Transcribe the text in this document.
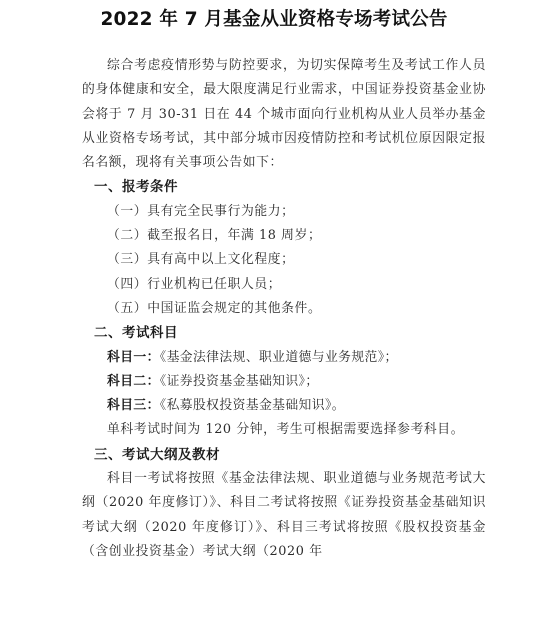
2022 年 7 月基金从业资格专场考试公告

综合考虑疫情形势与防控要求，为切实保障考生及考试工作人员的身体健康和安全，最大限度满足行业需求，中国证券投资基金业协会将于 7 月 30-31 日在 44 个城市面向行业机构从业人员举办基金从业资格专场考试，其中部分城市因疫情防控和考试机位原因限定报名名额，现将有关事项公告如下：

一、报考条件
（一）具有完全民事行为能力；
（二）截至报名日，年满 18 周岁；
（三）具有高中以上文化程度；
（四）行业机构已任职人员；
（五）中国证监会规定的其他条件。
二、考试科目
科目一：《基金法律法规、职业道德与业务规范》；
科目二：《证券投资基金基础知识》；
科目三：《私募股权投资基金基础知识》。

单科考试时间为 120 分钟，考生可根据需要选择参考科目。

三、考试大纲及教材

科目一考试将按照《基金法律法规、职业道德与业务规范考试大纲（2020 年度修订）》、科目二考试将按照《证券投资基金基础知识考试大纲（2020 年度修订）》、科目三考试将按照《股权投资基金（含创业投资基金）考试大纲（2020 年
